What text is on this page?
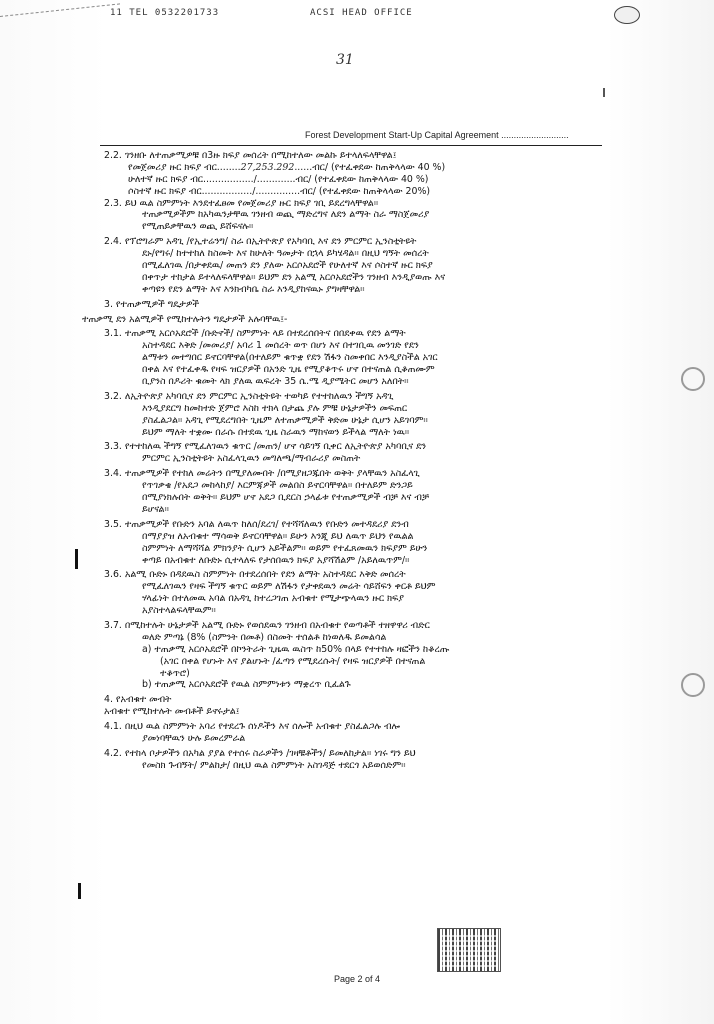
11 TEL 0532201733	ACSI HEAD OFFICE
31
Forest Development Start-Up Capital Agreement ...........................
2.2. ገንዘቡ ለተጠቃሚዎቹ በ3ዙ ክፍያ መሰረት በሚከተለው መልኩ ይተላለፍላቸዋል፤
የመጀመሪያ ዙር ክፍያ ብር........27,253.292......ብር/ (የተፈቀደው ከጠቅላላው 40 %)
ሁለተኛ ዙር ክፍያ ብር................./.............ብር/ (የተፈቀደው ከጠቅላላው 40 %)
ሶስተኛ ዙር ክፍያ ብር................./...............ብር/ (የተፈቀደው ከጠቅላላው 20%)
2.3. ይህ ዉል ስምምነት እንደተፈፀመ የመጀመሪያ ዙር ክፍያ ገቢ ይደረግላቸዋል።
ተጠቃሚዎችም ከአካዉንታቸዉ ገንዘብ ወጪ ማድረግና ለደን ልማት ስራ ማስጀመሪያ
የሚጠይቃቸዉን ወጪ ይሸፍናሉ።
2.4. የፕሮግራም አዳጊ /የኢተሬንግ/ ስራ በኢትዮጵያ የአካባቢ እና ደን ምርምር ኢንስቲትዩት
ደኑ/የግሩ/ ከተተከለ ከስመት እና ከሁለት ዓመታት በኋላ ይካሄዳል። በዚህ ግኝት መሰረት
በሚፈለገዉ /በታቀደዉ/ መጠን ደን ያለው አርሶአደሮች የሁለተኛ እና ሶስተኛ ዙር ክፍያ
በቀጥታ ተከታል ይተላለፍላቸዋል። ይህም ደን አልሚ አርሶአደሮችን ገንዘብ እንዲያወጡ እና
ቀጣዩን የደን ልማት እና እንክብካቤ ስራ እንዲያከናዉኑ ያግዛቸዋል።
3. የተጠቃሚዎች ግዴታዎች
ተጠቃሚ ደን አልሚዎች የሚከተሉትን ግዴታዎች አሉባቸዉ፤-
3.1. ተጠቃሚ አርሶአደሮች /ቡድኖች/ ስምምነት ላይ በተደረሰበትና በበደቀዉ የደን ልማት
አስተዳደር እቅድ /መመሪያ/ አባሪ 1 መሰረት ወጥ በሆነ እና በተገቢዉ መንገድ የደን
ልማቱን መተግበር ይኖርባቸዋል(በተለይም ቁጥቋ የደን ሽፋን ስመቀበር እንዲያስችል አገር
በቀል እና የተፈቀዱ የዛፍ ዝርያዎች በአንድ ጊዜ የሚያቆጥሩ ሆኖ በተናጠል ሲቆጠሙም
ቢያንስ በዶሪት ቁመት ላክ ያለዉ ዉፍረት 35 ሴ.ሜ ዲያሜትር መሆን አለበት።
3.2. ለኢትዮጵያ አካባቢና ደን ምርምር ኢንስቲትዩት ተወካይ የተተከለዉን ችግኝ አዳጊ
እንዲያደርግ ከመከተድ ጀምሮ እስከ ተክላ በታጨ ያሉ ምቹ ሁኔታዎችን መፍጠር
ያስፈልጋል። አዳጊ የሚደረግበት ጊዜም ለተጠቃሚዎች ቅድመ ሁኔታ ሲሆን አይገባም።
ይህም ማለት ተቋሙ በራሱ በተደዉ ጊዜ ስራዉን ማከናወን ይችላል ማለት ነዉ።
3.3. የተተከለዉ ችግኝ የሚፈለገዉን ቁጥር /መጠን/ ሆኖ ሳይገኝ ቢቀር ለኢትዮጵያ አካባቢና ደን
ምርምር ኢንስቲትዩት አስፈላጊዉን መግለጫ/ማብራሪያ መስጠት
3.4. ተጠቃሚዎች የተከለ መሬትን በሚያለሙበት /በሚያዘጋጁበት ወቅት ያላቸዉን አስፈላጊ
የጥገቃቄ /የአደጋ መከላከያ/ እርምጃዎች መልበስ ይኖርባቸዋል። በተለይም ድንጋይ
በሚያነክሉበት ወቅት። ይህም ሆኖ አደጋ ቢደርስ ኃላፊቱ የተጠቃሚዎች ብቻ እና ብቻ
ይሆናል።
3.5. ተጠቃሚዎች የቡድን አባል ለዉጥ ከለሰ/ደረገ/ የተሻሻለዉን የቡድን መተዳደሪያ ደንብ
በማያያዝ ለአብቁተ ማሳወቅ ይኖርባቸዋል። ይሁን እንጂ ይህ ለዉጥ ይህን የዉልል
ስምምነት ለማሻሻል ምክንያት ሲሆን አይችልም። ወይም የተፈጸመዉን ክፍያም ይሁን
ቀጣይ በአብቁተ ለቡድኑ ሲተላለፍ የታሰበዉን ክፍያ አያሻሽልም /አይለዉጥም/።
3.6. አልሚ ቡድኑ በዳደዉስ ስምምነት በተደረሰበት የደን ልማት አስተዳደር እቅድ መሰረት
የሚፈለገዉን የዛፍ ችግኝ ቁጥር ወይም ለሽፋን የታቀደዉን መሬት ሳይሸፍን ቀርቶ ይህም
ሃላፊነት በተለመዉ አባል በአዳጊ ከተረጋገጠ አብቁተ የሚታጭላዉን ዙር ክፍያ
አያስተላልፍላቸዉም።
3.7. በሚከተሉት ሁኔታዎች አልሚ ቡድኑ የወሰደዉን ገንዘብ በአብቁተ የወጣቶች ተዘዋዋሪ ብድር
ወለድ ምጣኔ (8% (ስምንት በመቶ) በስመት ተሰልቶ ከነወለዱ ይመልሳል
a) ተጠቃሚ አርሶአደሮች በኮንትራት ጊዜዉ ዉስጥ ከ50% በላይ የተተከሉ ዛፎችን ከቆረጡ
(አገር በቀል የሆኑት እና ያልሆኑት /ፈጣን የሚደረሱት/ የዛፍ ዝርያዎች በተናጠል
ተቆጥሮ)
b) ተጠቃሚ አርሶአደሮች የዉል ስምምነቱን ማቋረጥ ቢፈልጉ
4. የአብቁተ መብት
አብቁተ የሚከተሉት መብቶች ይኖሩታል፤
4.1. በዚህ ዉል ስምምነት አባሪ የተደረጉ ሰነዶችን እና ሰሎች አብቁተ ያስፈልጋሉ ብሎ
ያመነባቸዉን ሁሉ ይመረምራል
4.2. የተከላ ቦታዎችን በአካል ያያል የተሰሩ ስራዎችን /ገዛቹቶችን/ ይመለከታል። ነገሩ ግን ይህ
የመስክ ጉብኝት/ ምልከታ/ በዚህ ዉል ስምምነት አስገዳጅ ተደርጎ አይወሰድም።
Page 2 of 4
